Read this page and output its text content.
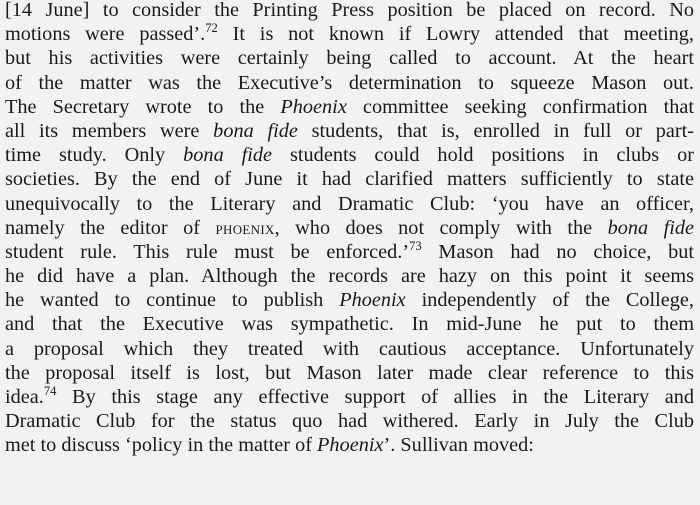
[14 June] to consider the Printing Press position be placed on record. No
motions were passed’.$^{72}$ It is not known if Lowry attended that meeting,
but his activities were certainly being called to account. At the heart
of the matter was the Executive’s determination to squeeze Mason out.
The Secretary wrote to the Phoenix committee seeking confirmation that
all its members were bona fide students, that is, enrolled in full or part-
time study. Only bona fide students could hold positions in clubs or
societies. By the end of June it had clarified matters sufficiently to state
unequivocally to the Literary and Dramatic Club: ‘you have an officer,
namely the editor of phoenix, who does not comply with the bona fide
student rule. This rule must be enforced.’$^{73}$ Mason had no choice, but
he did have a plan. Although the records are hazy on this point it seems
he wanted to continue to publish Phoenix independently of the College,
and that the Executive was sympathetic. In mid-June he put to them
a proposal which they treated with cautious acceptance. Unfortunately
the proposal itself is lost, but Mason later made clear reference to this
idea.$^{74}$ By this stage any effective support of allies in the Literary and
Dramatic Club for the status quo had withered. Early in July the Club
met to discuss ‘policy in the matter of Phoenix’. Sullivan moved:
